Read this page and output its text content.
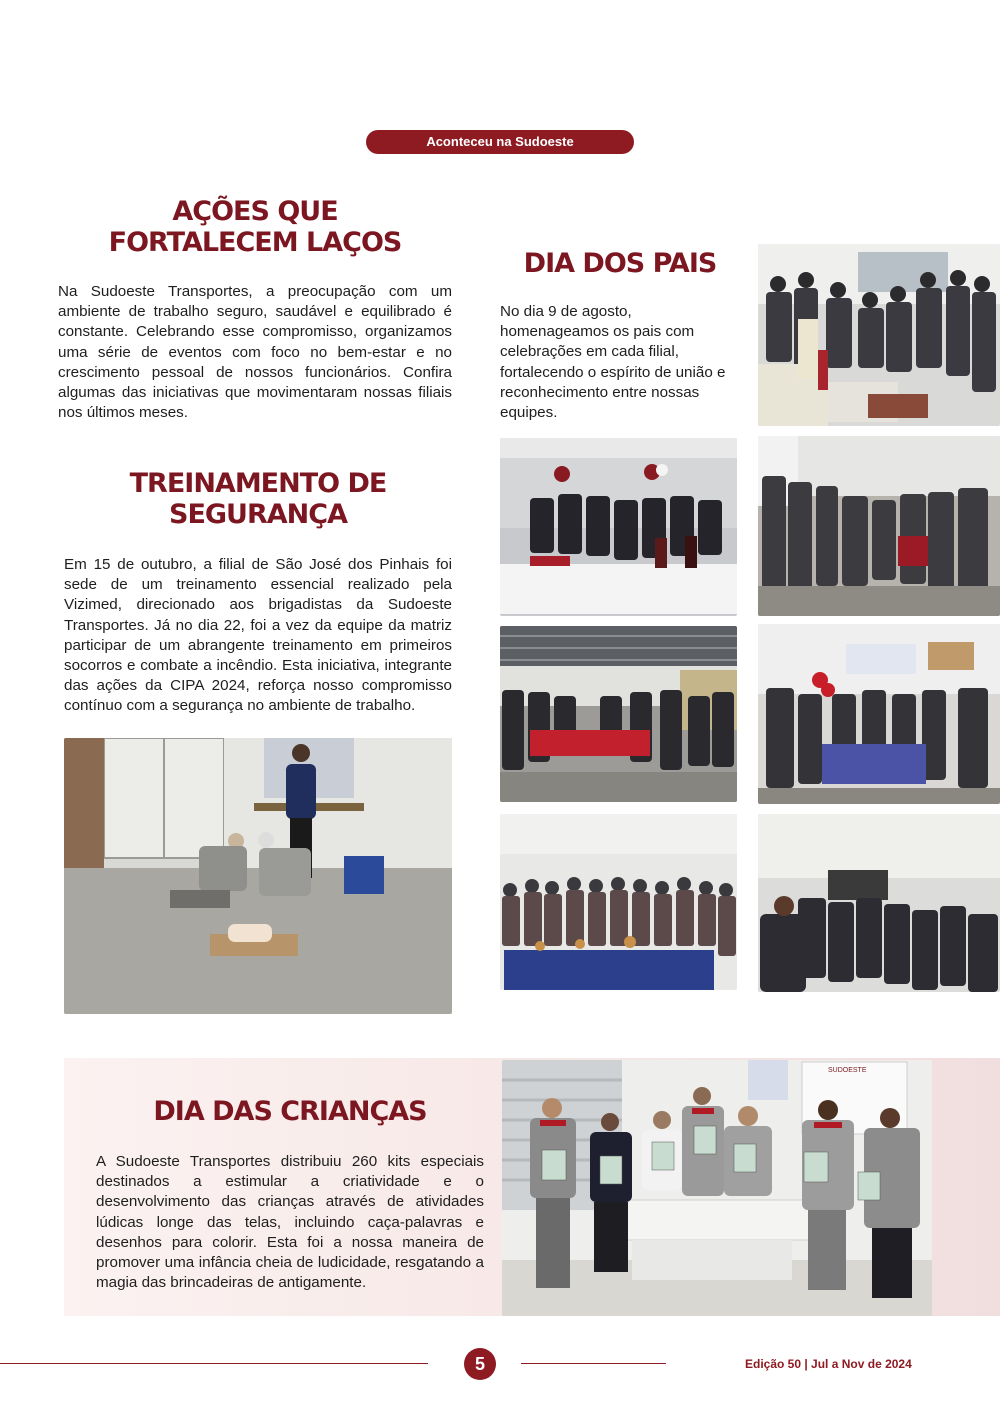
Aconteceu na Sudoeste
AÇÕES QUE
FORTALECEM LAÇOS
Na Sudoeste Transportes, a preocupação com um ambiente de trabalho seguro, saudável e equilibrado é constante. Celebrando esse compromisso, organizamos uma série de eventos com foco no bem-estar e no crescimento pessoal de nossos funcionários. Confira algumas das iniciativas que movimentaram nossas filiais nos últimos meses.
TREINAMENTO DE
SEGURANÇA
Em 15 de outubro, a filial de São José dos Pinhais foi sede de um treinamento essencial realizado pela Vizimed, direcionado aos brigadistas da Sudoeste Transportes. Já no dia 22, foi a vez da equipe da matriz participar de um abrangente treinamento em primeiros socorros e combate a incêndio. Esta iniciativa, integrante das ações da CIPA 2024, reforça nosso compromisso contínuo com a segurança no ambiente de trabalho.
DIA DOS PAIS
No dia 9 de agosto, homenageamos os pais com celebrações em cada filial, fortalecendo o espírito de união e reconhecimento entre nossas equipes.
DIA DAS CRIANÇAS
A Sudoeste Transportes distribuiu 260 kits especiais destinados a estimular a criatividade e o desenvolvimento das crianças através de atividades lúdicas longe das telas, incluindo caça-palavras e desenhos para colorir. Esta foi a nossa maneira de promover uma infância cheia de ludicidade, resgatando a magia das brincadeiras de antigamente.
SUDOESTE
5	Edição 50 | Jul a Nov de 2024
